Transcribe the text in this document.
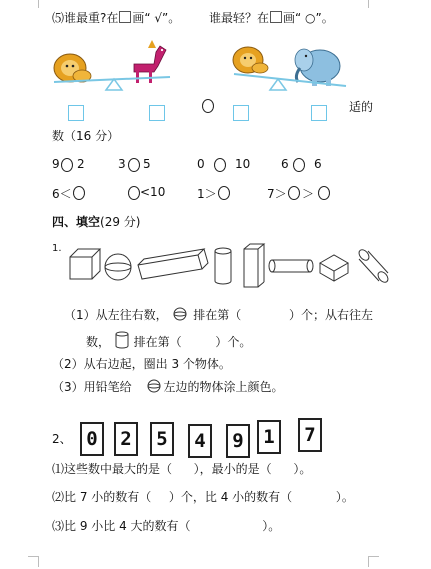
⑸谁最重?在 画“ √”。 谁最轻？在 画“ ○”。
适的
数（16 分）
9 2	3 5	0	10	6 6
6＜	<10	1＞	7＞ ＞
四、填空(29 分)
1.
（1）从左往右数， 排在第（	）个；从右往左
数， 排在第（	）个。
（2）从右边起，圈出 3 个物体。
（3）用铅笔给	左边的物体涂上颜色。
2、 0	2	5	4	9	1	7
⑴这些数中最大的是（ ），最小的是（ ）。
⑵比 7 小的数有（ ）个，比 4 小的数有（	）。
⑶比 9 小比 4 大的数有（	）。
